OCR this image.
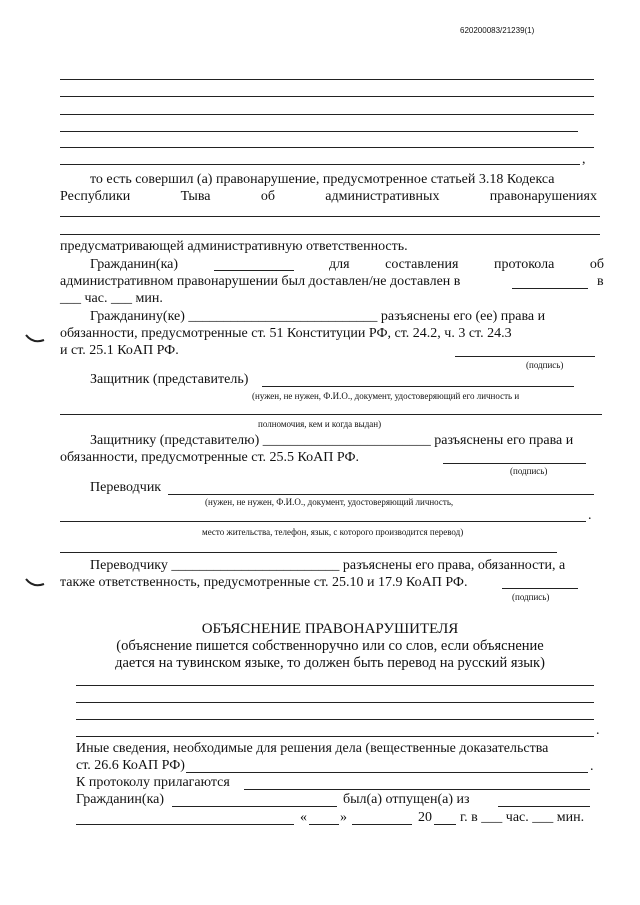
620200083/21239(1)
,
то есть совершил (а) правонарушение, предусмотренное статьей 3.18 Кодекса
Республики	Тыва	об	административных	правонарушениях
предусматривающей административную ответственность.
Гражданин(ка)	для	составления	протокола	об
административном правонарушении был доставлен/не доставлен в	в
___ час. ___ мин.
Гражданину(ке) ___________________________ разъяснены его (ее) права и
обязанности, предусмотренные ст. 51 Конституции РФ, ст. 24.2, ч. 3 ст. 24.3
и ст. 25.1 КоАП РФ.
(подпись)
Защитник (представитель)
(нужен, не нужен, Ф.И.О., документ, удостоверяющий его личность и
полномочия, кем и когда выдан)
Защитнику (представителю) ________________________ разъяснены его права и
обязанности, предусмотренные ст. 25.5 КоАП РФ.
(подпись)
Переводчик
(нужен, не нужен, Ф.И.О., документ, удостоверяющий личность,
.
место жительства, телефон, язык, с которого производится перевод)
Переводчику ________________________ разъяснены его права, обязанности, а
также ответственность, предусмотренные ст. 25.10 и 17.9 КоАП РФ.
(подпись)
ОБЪЯСНЕНИЕ ПРАВОНАРУШИТЕЛЯ
(объяснение пишется собственноручно или со слов, если объяснение
дается на тувинском языке, то должен быть перевод на русский язык)
.
Иные сведения, необходимые для решения дела (вещественные доказательства
ст. 26.6 КоАП РФ)	.
К протоколу прилагаются
Гражданин(ка)	был(а) отпущен(а) из
« »	20 г. в ___ час. ___ мин.
